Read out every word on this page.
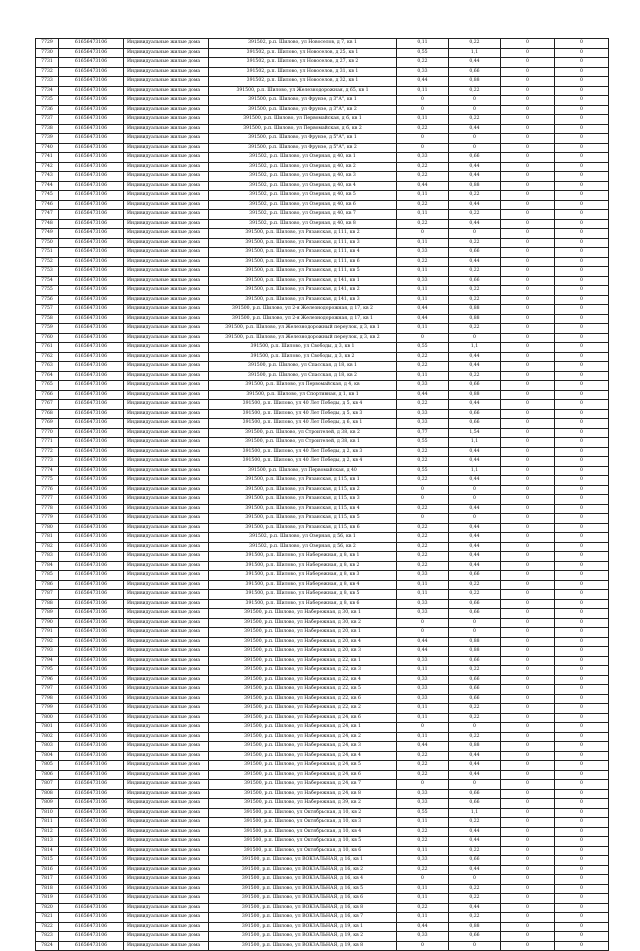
7729	61656473106	Индивидуальные жилые дома	391502, р.п. Шилово, ул Новоселов, д 7, кв 1	0,11	0,22	0	0
7730	61656473106	Индивидуальные жилые дома	391502, р.п. Шилово, ул Новоселов, д 25, кв 1	0,55	1,1	0	0
7731	61656473106	Индивидуальные жилые дома	391502, р.п. Шилово, ул Новоселов, д 27, кв 2	0,22	0,44	0	0
7732	61656473106	Индивидуальные жилые дома	391502, р.п. Шилово, ул Новоселов, д 31, кв 1	0,33	0,66	0	0
7733	61656473106	Индивидуальные жилые дома	391502, р.п. Шилово, ул Новоселов, д 32, кв 1	0,44	0,88	0	0
7734	61656473106	Индивидуальные жилые дома	391500, р.п. Шилово, ул Железнодорожная, д 65, кв 1	0,11	0,22	0	0
7735	61656473106	Индивидуальные жилые дома	391500, р.п. Шилово, ул Фрунзе, д 3"А", кв 1	0	0	0	0
7736	61656473106	Индивидуальные жилые дома	391500, р.п. Шилово, ул Фрунзе, д 3"А", кв 2	0	0	0	0
7737	61656473106	Индивидуальные жилые дома	391500, р.п. Шилово, ул Первомайская, д 6, кв 1	0,11	0,22	0	0
7738	61656473106	Индивидуальные жилые дома	391500, р.п. Шилово, ул Первомайская, д 6, кв 2	0,22	0,44	0	0
7739	61656473106	Индивидуальные жилые дома	391500, р.п. Шилово, ул Фрунзе, д 5"А", кв 1	0	0	0	0
7740	61656473106	Индивидуальные жилые дома	391500, р.п. Шилово, ул Фрунзе, д 5"А", кв 2	0	0	0	0
7741	61656473106	Индивидуальные жилые дома	391502, р.п. Шилово, ул Озерная, д 40, кв 1	0,33	0,66	0	0
7742	61656473106	Индивидуальные жилые дома	391502, р.п. Шилово, ул Озерная, д 40, кв 2	0,22	0,44	0	0
7743	61656473106	Индивидуальные жилые дома	391502, р.п. Шилово, ул Озерная, д 40, кв 3	0,22	0,44	0	0
7744	61656473106	Индивидуальные жилые дома	391502, р.п. Шилово, ул Озерная, д 40, кв 4	0,44	0,88	0	0
7745	61656473106	Индивидуальные жилые дома	391502, р.п. Шилово, ул Озерная, д 40, кв 5	0,11	0,22	0	0
7746	61656473106	Индивидуальные жилые дома	391502, р.п. Шилово, ул Озерная, д 40, кв 6	0,22	0,44	0	0
7747	61656473106	Индивидуальные жилые дома	391502, р.п. Шилово, ул Озерная, д 40, кв 7	0,11	0,22	0	0
7748	61656473106	Индивидуальные жилые дома	391502, р.п. Шилово, ул Озерная, д 40, кв 8	0,22	0,44	0	0
7749	61656473106	Индивидуальные жилые дома	391500, р.п. Шилово, ул Рязанская, д 111, кв 2	0	0	0	0
7750	61656473106	Индивидуальные жилые дома	391500, р.п. Шилово, ул Рязанская, д 111, кв 3	0,11	0,22	0	0
7751	61656473106	Индивидуальные жилые дома	391500, р.п. Шилово, ул Рязанская, д 111, кв 4	0,33	0,66	0	0
7752	61656473106	Индивидуальные жилые дома	391500, р.п. Шилово, ул Рязанская, д 111, кв 6	0,22	0,44	0	0
7753	61656473106	Индивидуальные жилые дома	391500, р.п. Шилово, ул Рязанская, д 111, кв 5	0,11	0,22	0	0
7754	61656473106	Индивидуальные жилые дома	391500, р.п. Шилово, ул Рязанская, д 141, кв 1	0,33	0,66	0	0
7755	61656473106	Индивидуальные жилые дома	391500, р.п. Шилово, ул Рязанская, д 141, кв 2	0,11	0,22	0	0
7756	61656473106	Индивидуальные жилые дома	391500, р.п. Шилово, ул Рязанская, д 141, кв 3	0,11	0,22	0	0
7757	61656473106	Индивидуальные жилые дома	391500, р.п. Шилово, ул 2-я Железнодорожная, д 17, кв 2	0,44	0,88	0	0
7758	61656473106	Индивидуальные жилые дома	391500, р.п. Шилово, ул 2-я Железнодорожная, д 17, кв 1	0,44	0,88	0	0
7759	61656473106	Индивидуальные жилые дома	391500, р.п. Шилово, ул Железнодорожный переулок, д 3, кв 1	0,11	0,22	0	0
7760	61656473106	Индивидуальные жилые дома	391500, р.п. Шилово, ул Железнодорожный переулок, д 3, кв 2	0	0	0	0
7761	61656473106	Индивидуальные жилые дома	391500, р.п. Шилово, ул Свободы, д 3, кв 1	0,55	1,1	0	0
7762	61656473106	Индивидуальные жилые дома	391500, р.п. Шилово, ул Свободы, д 3, кв 2	0,22	0,44	0	0
7763	61656473106	Индивидуальные жилые дома	391500, р.п. Шилово, ул Спасская, д 18, кв 1	0,22	0,44	0	0
7764	61656473106	Индивидуальные жилые дома	391500, р.п. Шилово, ул Спасская, д 18, кв 2	0,11	0,22	0	0
7765	61656473106	Индивидуальные жилые дома	391500, р.п. Шилово, ул Первомайская, д 4, кв	0,33	0,66	0	0
7766	61656473106	Индивидуальные жилые дома	391500, р.п. Шилово, ул Спортивная, д 1, кв 1	0,44	0,88	0	0
7767	61656473106	Индивидуальные жилые дома	391500, р.п. Шилово, ул 40 Лет Победы, д 5, кв 4	0,22	0,44	0	0
7768	61656473106	Индивидуальные жилые дома	391500, р.п. Шилово, ул 40 Лет Победы, д 5, кв 3	0,33	0,66	0	0
7769	61656473106	Индивидуальные жилые дома	391500, р.п. Шилово, ул 40 Лет Победы, д 6, кв 1	0,33	0,66	0	0
7770	61656473106	Индивидуальные жилые дома	391500, р.п. Шилово, ул Строителей, д 38, кв 2	0,77	1,54	0	0
7771	61656473106	Индивидуальные жилые дома	391500, р.п. Шилово, ул Строителей, д 38, кв 1	0,55	1,1	0	0
7772	61656473106	Индивидуальные жилые дома	391500, р.п. Шилово, ул 40 Лет Победы, д 2, кв 3	0,22	0,44	0	0
7773	61656473106	Индивидуальные жилые дома	391500, р.п. Шилово, ул 40 Лет Победы, д 2, кв 4	0,22	0,44	0	0
7774	61656473106	Индивидуальные жилые дома	391500, р.п. Шилово, ул Первомайская, д 40	0,55	1,1	0	0
7775	61656473106	Индивидуальные жилые дома	391500, р.п. Шилово, ул Рязанская, д 115, кв 1	0,22	0,44	0	0
7776	61656473106	Индивидуальные жилые дома	391500, р.п. Шилово, ул Рязанская, д 115, кв 2	0	0	0	0
7777	61656473106	Индивидуальные жилые дома	391500, р.п. Шилово, ул Рязанская, д 115, кв 3	0	0	0	0
7778	61656473106	Индивидуальные жилые дома	391500, р.п. Шилово, ул Рязанская, д 115, кв 4	0,22	0,44	0	0
7779	61656473106	Индивидуальные жилые дома	391500, р.п. Шилово, ул Рязанская, д 115, кв 5	0	0	0	0
7780	61656473106	Индивидуальные жилые дома	391500, р.п. Шилово, ул Рязанская, д 115, кв 6	0,22	0,44	0	0
7781	61656473106	Индивидуальные жилые дома	391502, р.п. Шилово, ул Озерная, д 56, кв 1	0,22	0,44	0	0
7782	61656473106	Индивидуальные жилые дома	391502, р.п. Шилово, ул Озерная, д 56, кв 2	0,22	0,44	0	0
7783	61656473106	Индивидуальные жилые дома	391500, р.п. Шилово, ул Набережная, д 8, кв 1	0,22	0,44	0	0
7784	61656473106	Индивидуальные жилые дома	391500, р.п. Шилово, ул Набережная, д 8, кв 2	0,22	0,44	0	0
7785	61656473106	Индивидуальные жилые дома	391500, р.п. Шилово, ул Набережная, д 8, кв 3	0,33	0,66	0	0
7786	61656473106	Индивидуальные жилые дома	391500, р.п. Шилово, ул Набережная, д 8, кв 4	0,11	0,22	0	0
7787	61656473106	Индивидуальные жилые дома	391500, р.п. Шилово, ул Набережная, д 8, кв 5	0,11	0,22	0	0
7788	61656473106	Индивидуальные жилые дома	391500, р.п. Шилово, ул Набережная, д 8, кв 6	0,33	0,66	0	0
7789	61656473106	Индивидуальные жилые дома	391500, р.п. Шилово, ул Набережная, д 30, кв 1	0,33	0,66	0	0
7790	61656473106	Индивидуальные жилые дома	391500, р.п. Шилово, ул Набережная, д 30, кв 2	0	0	0	0
7791	61656473106	Индивидуальные жилые дома	391500, р.п. Шилово, ул Набережная, д 20, кв 1	0	0	0	0
7792	61656473106	Индивидуальные жилые дома	391500, р.п. Шилово, ул Набережная, д 20, кв 4	0,44	0,88	0	0
7793	61656473106	Индивидуальные жилые дома	391500, р.п. Шилово, ул Набережная, д 20, кв 3	0,44	0,88	0	0
7794	61656473106	Индивидуальные жилые дома	391500, р.п. Шилово, ул Набережная, д 22, кв 1	0,33	0,66	0	0
7795	61656473106	Индивидуальные жилые дома	391500, р.п. Шилово, ул Набережная, д 22, кв 3	0,11	0,22	0	0
7796	61656473106	Индивидуальные жилые дома	391500, р.п. Шилово, ул Набережная, д 22, кв 4	0,33	0,66	0	0
7797	61656473106	Индивидуальные жилые дома	391500, р.п. Шилово, ул Набережная, д 22, кв 5	0,33	0,66	0	0
7798	61656473106	Индивидуальные жилые дома	391500, р.п. Шилово, ул Набережная, д 22, кв 6	0,33	0,66	0	0
7799	61656473106	Индивидуальные жилые дома	391500, р.п. Шилово, ул Набережная, д 22, кв 2	0,11	0,22	0	0
7800	61656473106	Индивидуальные жилые дома	391500, р.п. Шилово, ул Набережная, д 24, кв 6	0,11	0,22	0	0
7801	61656473106	Индивидуальные жилые дома	391500, р.п. Шилово, ул Набережная, д 24, кв 1	0	0	0	0
7802	61656473106	Индивидуальные жилые дома	391500, р.п. Шилово, ул Набережная, д 24, кв 2	0,11	0,22	0	0
7803	61656473106	Индивидуальные жилые дома	391500, р.п. Шилово, ул Набережная, д 24, кв 3	0,44	0,88	0	0
7804	61656473106	Индивидуальные жилые дома	391500, р.п. Шилово, ул Набережная, д 24, кв 4	0,22	0,44	0	0
7805	61656473106	Индивидуальные жилые дома	391500, р.п. Шилово, ул Набережная, д 24, кв 5	0,22	0,44	0	0
7806	61656473106	Индивидуальные жилые дома	391500, р.п. Шилово, ул Набережная, д 24, кв 6	0,22	0,44	0	0
7807	61656473106	Индивидуальные жилые дома	391500, р.п. Шилово, ул Набережная, д 24, кв 7	0	0	0	0
7808	61656473106	Индивидуальные жилые дома	391500, р.п. Шилово, ул Набережная, д 24, кв 8	0,33	0,66	0	0
7809	61656473106	Индивидуальные жилые дома	391500, р.п. Шилово, ул Набережная, д 39, кв 2	0,33	0,66	0	0
7810	61656473106	Индивидуальные жилые дома	391500, р.п. Шилово, ул Октябрьская, д 10, кв 2	0,55	1,1	0	0
7811	61656473106	Индивидуальные жилые дома	391500, р.п. Шилово, ул Октябрьская, д 10, кв 3	0,11	0,22	0	0
7812	61656473106	Индивидуальные жилые дома	391500, р.п. Шилово, ул Октябрьская, д 10, кв 4	0,22	0,44	0	0
7813	61656473106	Индивидуальные жилые дома	391500, р.п. Шилово, ул Октябрьская, д 10, кв 5	0,22	0,44	0	0
7814	61656473106	Индивидуальные жилые дома	391500, р.п. Шилово, ул Октябрьская, д 10, кв 6	0,11	0,22	0	0
7815	61656473106	Индивидуальные жилые дома	391500, р.п. Шилово, ул ВОКЗАЛЬНАЯ, д 16, кв 1	0,33	0,66	0	0
7816	61656473106	Индивидуальные жилые дома	391500, р.п. Шилово, ул ВОКЗАЛЬНАЯ, д 16, кв 2	0,22	0,44	0	0
7817	61656473106	Индивидуальные жилые дома	391500, р.п. Шилово, ул ВОКЗАЛЬНАЯ, д 16, кв 4	0	0	0	0
7818	61656473106	Индивидуальные жилые дома	391500, р.п. Шилово, ул ВОКЗАЛЬНАЯ, д 16, кв 5	0,11	0,22	0	0
7819	61656473106	Индивидуальные жилые дома	391500, р.п. Шилово, ул ВОКЗАЛЬНАЯ, д 16, кв 6	0,11	0,22	0	0
7820	61656473106	Индивидуальные жилые дома	391500, р.п. Шилово, ул ВОКЗАЛЬНАЯ, д 16, кв 8	0,22	0,44	0	0
7821	61656473106	Индивидуальные жилые дома	391500, р.п. Шилово, ул ВОКЗАЛЬНАЯ, д 16, кв 7	0,11	0,22	0	0
7822	61656473106	Индивидуальные жилые дома	391500, р.п. Шилово, ул ВОКЗАЛЬНАЯ, д 19, кв 1	0,44	0,88	0	0
7823	61656473106	Индивидуальные жилые дома	391500, р.п. Шилово, ул ВОКЗАЛЬНАЯ, д 19, кв 2	0,33	0,66	0	0
7824	61656473106	Индивидуальные жилые дома	391500, р.п. Шилово, ул ВОКЗАЛЬНАЯ, д 19, кв 8	0	0	0	0
